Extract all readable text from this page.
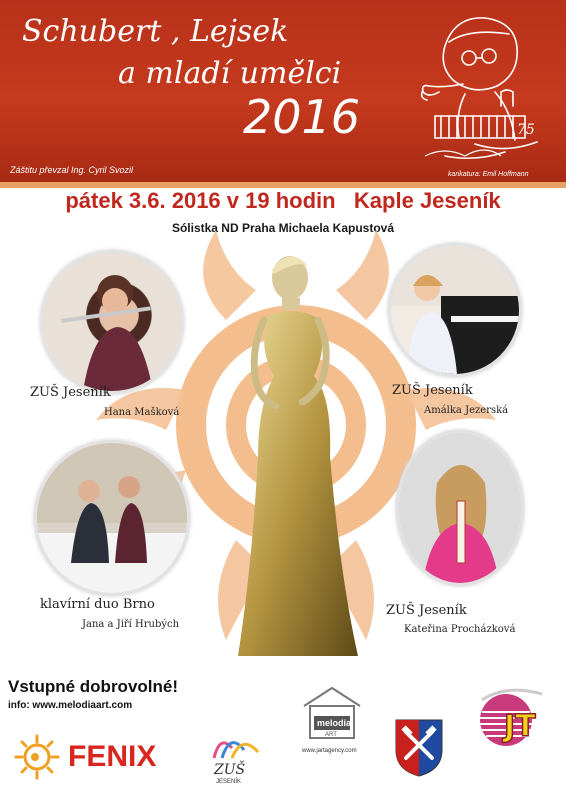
Schubert , Lejsek
a mladí umělci
2016	75
Záštitu převzal Ing. Cyril Svozil	karikatura: Emil Hoffmann
pátek 3.6. 2016 v 19 hodin Kaple Jeseník
Sólistka ND Praha Michaela Kapustová
ZUŠ Jeseník
Hana Mašková
ZUŠ Jeseník
Amálka Jezerská
klavírní duo Brno
Jana a Jiří Hrubých
ZUŠ Jeseník
Kateřina Procházková
Vstupné dobrovolné!
info: www.melodiaart.com
FENIX	ZUŠ
JESENÍK
melodia
ART
www.jartagency.com
JT
